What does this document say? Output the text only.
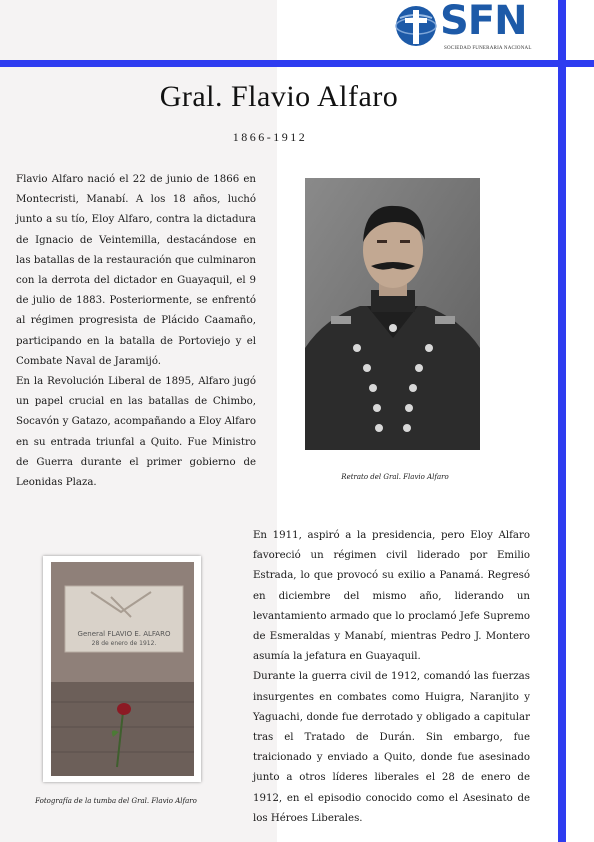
SFN
SOCIEDAD FUNERARIA NACIONAL
Gral. Flavio Alfaro
1866-1912

Flavio Alfaro nació el 22 de junio de 1866 en Montecristi, Manabí. A los 18 años, luchó junto a su tío, Eloy Alfaro, contra la dictadura de Ignacio de Veintemilla, destacándose en las batallas de la restauración que culminaron con la derrota del dictador en Guayaquil, el 9 de julio de 1883. Posteriormente, se enfrentó al régimen progresista de Plácido Caamaño, participando en la batalla de Portoviejo y el Combate Naval de Jaramijó.

En la Revolución Liberal de 1895, Alfaro jugó un papel crucial en las batallas de Chimbo, Socavón y Gatazo, acompañando a Eloy Alfaro en su entrada triunfal a Quito. Fue Ministro de Guerra durante el primer gobierno de Leonidas Plaza.

Retrato del Gral. Flavio Alfaro

En 1911, aspiró a la presidencia, pero Eloy Alfaro favoreció un régimen civil liderado por Emilio Estrada, lo que provocó su exilio a Panamá. Regresó en diciembre del mismo año, liderando un levantamiento armado que lo proclamó Jefe Supremo de Esmeraldas y Manabí, mientras Pedro J. Montero asumía la jefatura en Guayaquil.

Durante la guerra civil de 1912, comandó las fuerzas insurgentes en combates como Huigra, Naranjito y Yaguachi, donde fue derrotado y obligado a capitular tras el Tratado de Durán. Sin embargo, fue traicionado y enviado a Quito, donde fue asesinado junto a otros líderes liberales el 28 de enero de 1912, en el episodio conocido como el Asesinato de los Héroes Liberales.

General FLAVIO E. ALFARO
28 de enero de 1912.
Fotografía de la tumba del Gral. Flavio Alfaro
